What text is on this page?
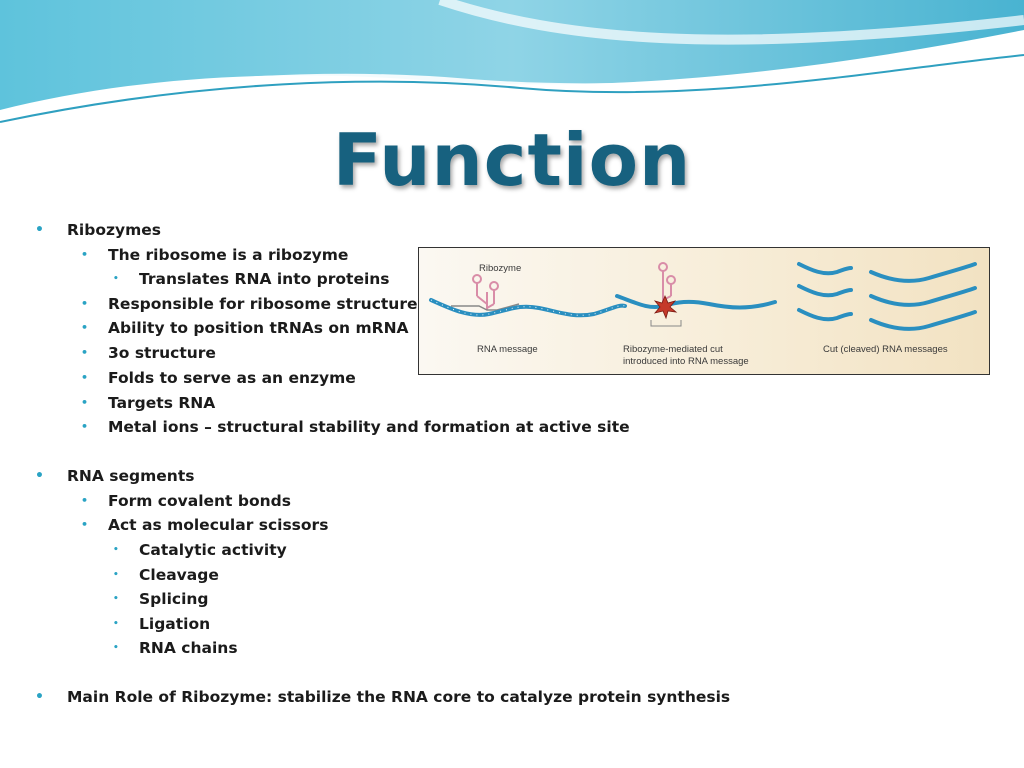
Function
• Ribozymes
• The ribosome is a ribozyme
• Translates RNA into proteins
• Responsible for ribosome structure
• Ability to position tRNAs on mRNA
• 3o structure
• Folds to serve as an enzyme
• Targets RNA
• Metal ions – structural stability and formation at active site
• RNA segments
• Form covalent bonds
• Act as molecular scissors
• Catalytic activity
• Cleavage
• Splicing
• Ligation
• RNA chains
• Main Role of Ribozyme: stabilize the RNA core to catalyze protein synthesis
Ribozyme
RNA message	Ribozyme-mediated cut
introduced into RNA message
Cut (cleaved) RNA messages
